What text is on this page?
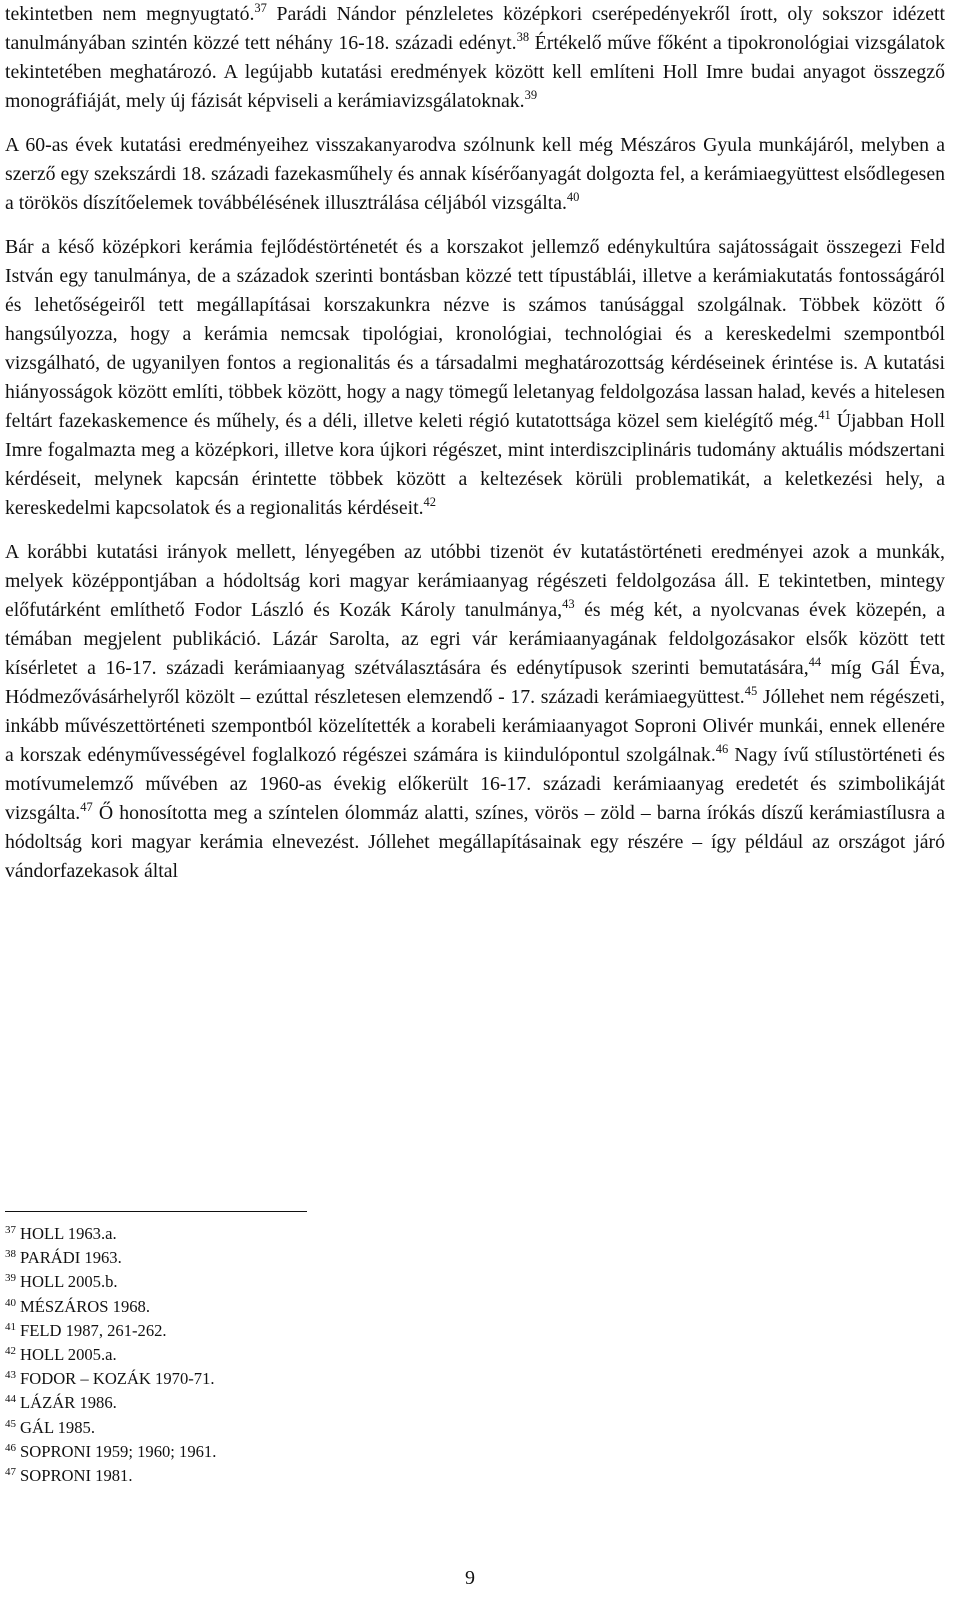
tekintetben nem megnyugtató.$^{37}$ Parádi Nándor pénzleletes középkori cserépedényekről írott, oly sokszor idézett tanulmányában szintén közzé tett néhány 16-18. századi edényt.$^{38}$ Értékelő műve főként a tipokronológiai vizsgálatok tekintetében meghatározó. A legújabb kutatási eredmények között kell említeni Holl Imre budai anyagot összegző monográfiáját, mely új fázisát képviseli a kerámiavizsgálatoknak.$^{39}$

A 60-as évek kutatási eredményeihez visszakanyarodva szólnunk kell még Mészáros Gyula munkájáról, melyben a szerző egy szekszárdi 18. századi fazekasműhely és annak kísérőanyagát dolgozta fel, a kerámiaegyüttest elsődlegesen a törökös díszítőelemek továbbélésének illusztrálása céljából vizsgálta.$^{40}$

Bár a késő középkori kerámia fejlődéstörténetét és a korszakot jellemző edénykultúra sajátosságait összegezi Feld István egy tanulmánya, de a századok szerinti bontásban közzé tett típustáblái, illetve a kerámiakutatás fontosságáról és lehetőségeiről tett megállapításai korszakunkra nézve is számos tanúsággal szolgálnak. Többek között ő hangsúlyozza, hogy a kerámia nemcsak tipológiai, kronológiai, technológiai és a kereskedelmi szempontból vizsgálható, de ugyanilyen fontos a regionalitás és a társadalmi meghatározottság kérdéseinek érintése is. A kutatási hiányosságok között említi, többek között, hogy a nagy tömegű leletanyag feldolgozása lassan halad, kevés a hitelesen feltárt fazekaskemence és műhely, és a déli, illetve keleti régió kutatottsága közel sem kielégítő még.$^{41}$ Újabban Holl Imre fogalmazta meg a középkori, illetve kora újkori régészet, mint interdiszciplináris tudomány aktuális módszertani kérdéseit, melynek kapcsán érintette többek között a keltezések körüli problematikát, a keletkezési hely, a kereskedelmi kapcsolatok és a regionalitás kérdéseit.$^{42}$

A korábbi kutatási irányok mellett, lényegében az utóbbi tizenöt év kutatástörténeti eredményei azok a munkák, melyek középpontjában a hódoltság kori magyar kerámiaanyag régészeti feldolgozása áll. E tekintetben, mintegy előfutárként említhető Fodor László és Kozák Károly tanulmánya,$^{43}$ és még két, a nyolcvanas évek közepén, a témában megjelent publikáció. Lázár Sarolta, az egri vár kerámiaanyagának feldolgozásakor elsők között tett kísérletet a 16-17. századi kerámiaanyag szétválasztására és edénytípusok szerinti bemutatására,$^{44}$ míg Gál Éva, Hódmezővásárhelyről közölt – ezúttal részletesen elemzendő - 17. századi kerámiaegyüttest.$^{45}$ Jóllehet nem régészeti, inkább művészettörténeti szempontból közelítették a korabeli kerámiaanyagot Soproni Olivér munkái, ennek ellenére a korszak edényművességével foglalkozó régészei számára is kiindulópontul szolgálnak.$^{46}$ Nagy ívű stílustörténeti és motívumelemző művében az 1960-as évekig előkerült 16-17. századi kerámiaanyag eredetét és szimbolikáját vizsgálta.$^{47}$ Ő honosította meg a színtelen ólommáz alatti, színes, vörös – zöld – barna írókás díszű kerámiastílusra a hódoltság kori magyar kerámia elnevezést. Jóllehet megállapításainak egy részére – így például az országot járó vándorfazekasok által

$^{37}$ HOLL 1963.a.
$^{38}$ PARÁDI 1963.
$^{39}$ HOLL 2005.b.
$^{40}$ MÉSZÁROS 1968.
$^{41}$ FELD 1987, 261-262.
$^{42}$ HOLL 2005.a.
$^{43}$ FODOR – KOZÁK 1970-71.
$^{44}$ LÁZÁR 1986.
$^{45}$ GÁL 1985.
$^{46}$ SOPRONI 1959; 1960; 1961.
$^{47}$ SOPRONI 1981.
9
